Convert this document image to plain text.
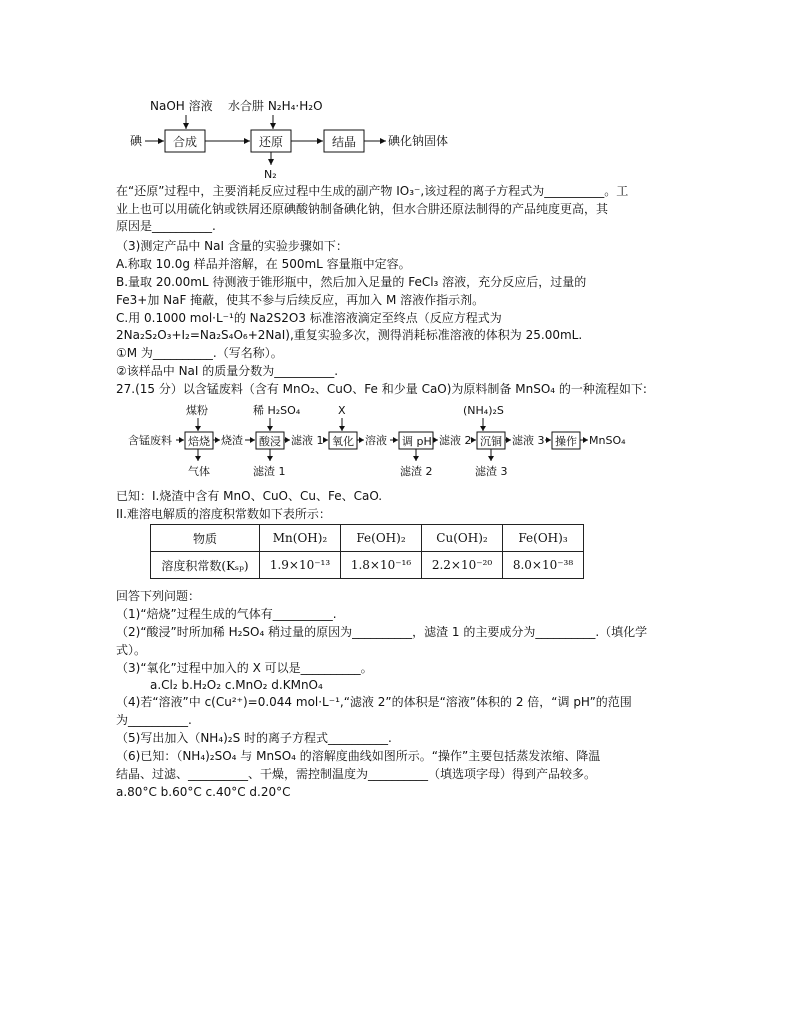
NaOH 溶液 水合肼 N₂H₄·H₂O
碘	合成	还原	结晶	碘化钠固体
N₂
在“还原”过程中，主要消耗反应过程中生成的副产物 IO₃⁻,该过程的离子方程式为__________。工
业上也可以用硫化钠或铁屑还原碘酸钠制备碘化钠，但水合肼还原法制得的产品纯度更高，其
原因是__________.
（3)测定产品中 NaI 含量的实验步骤如下：
A.称取 10.0g 样品并溶解，在 500mL 容量瓶中定容。
B.量取 20.00mL 待测液于锥形瓶中，然后加入足量的 FeCl₃ 溶液，充分反应后，过量的
Fe3+加 NaF 掩蔽，使其不参与后续反应，再加入 M 溶液作指示剂。
C.用 0.1000 mol·L⁻¹的 Na2S2O3 标准溶液滴定至终点（反应方程式为
2Na₂S₂O₃+I₂=Na₂S₄O₆+2NaI),重复实验多次，测得消耗标准溶液的体积为 25.00mL.
①M 为__________.（写名称）。
②该样品中 NaI 的质量分数为__________.
27.(15 分）以含锰废料（含有 MnO₂、CuO、Fe 和少量 CaO)为原料制备 MnSO₄ 的一种流程如下:
煤粉	稀 H₂SO₄	X	(NH₄)₂S
含锰废料 焙烧 烧渣 酸浸 滤液 1 氧化 溶液 调 pH 滤液 2 沉铜 滤液 3 操作 MnSO₄
气体	滤渣 1	滤渣 2	滤渣 3
已知：I.烧渣中含有 MnO、CuO、Cu、Fe、CaO.
II.难溶电解质的溶度积常数如下表所示：
物质	Mn(OH)₂	Fe(OH)₂	Cu(OH)₂	Fe(OH)₃
溶度积常数(Kₛₚ)	1.9×10⁻¹³	1.8×10⁻¹⁶	2.2×10⁻²⁰	8.0×10⁻³⁸
回答下列问题：
（1)“焙烧”过程生成的气体有__________.
（2)“酸浸”时所加稀 H₂SO₄ 稍过量的原因为__________，滤渣 1 的主要成分为__________.（填化学
式）。
（3)“氧化”过程中加入的 X 可以是__________。
a.Cl₂ b.H₂O₂ c.MnO₂ d.KMnO₄
（4)若“溶液”中 c(Cu²⁺)=0.044 mol·L⁻¹,“滤液 2”的体积是“溶液”体积的 2 倍，“调 pH”的范围
为__________.
（5)写出加入（NH₄)₂S 时的离子方程式__________.
（6)已知：（NH₄)₂SO₄ 与 MnSO₄ 的溶解度曲线如图所示。“操作”主要包括蒸发浓缩、降温
结晶、过滤、__________、干燥，需控制温度为__________（填选项字母）得到产品较多。
a.80°C b.60°C c.40°C d.20°C
